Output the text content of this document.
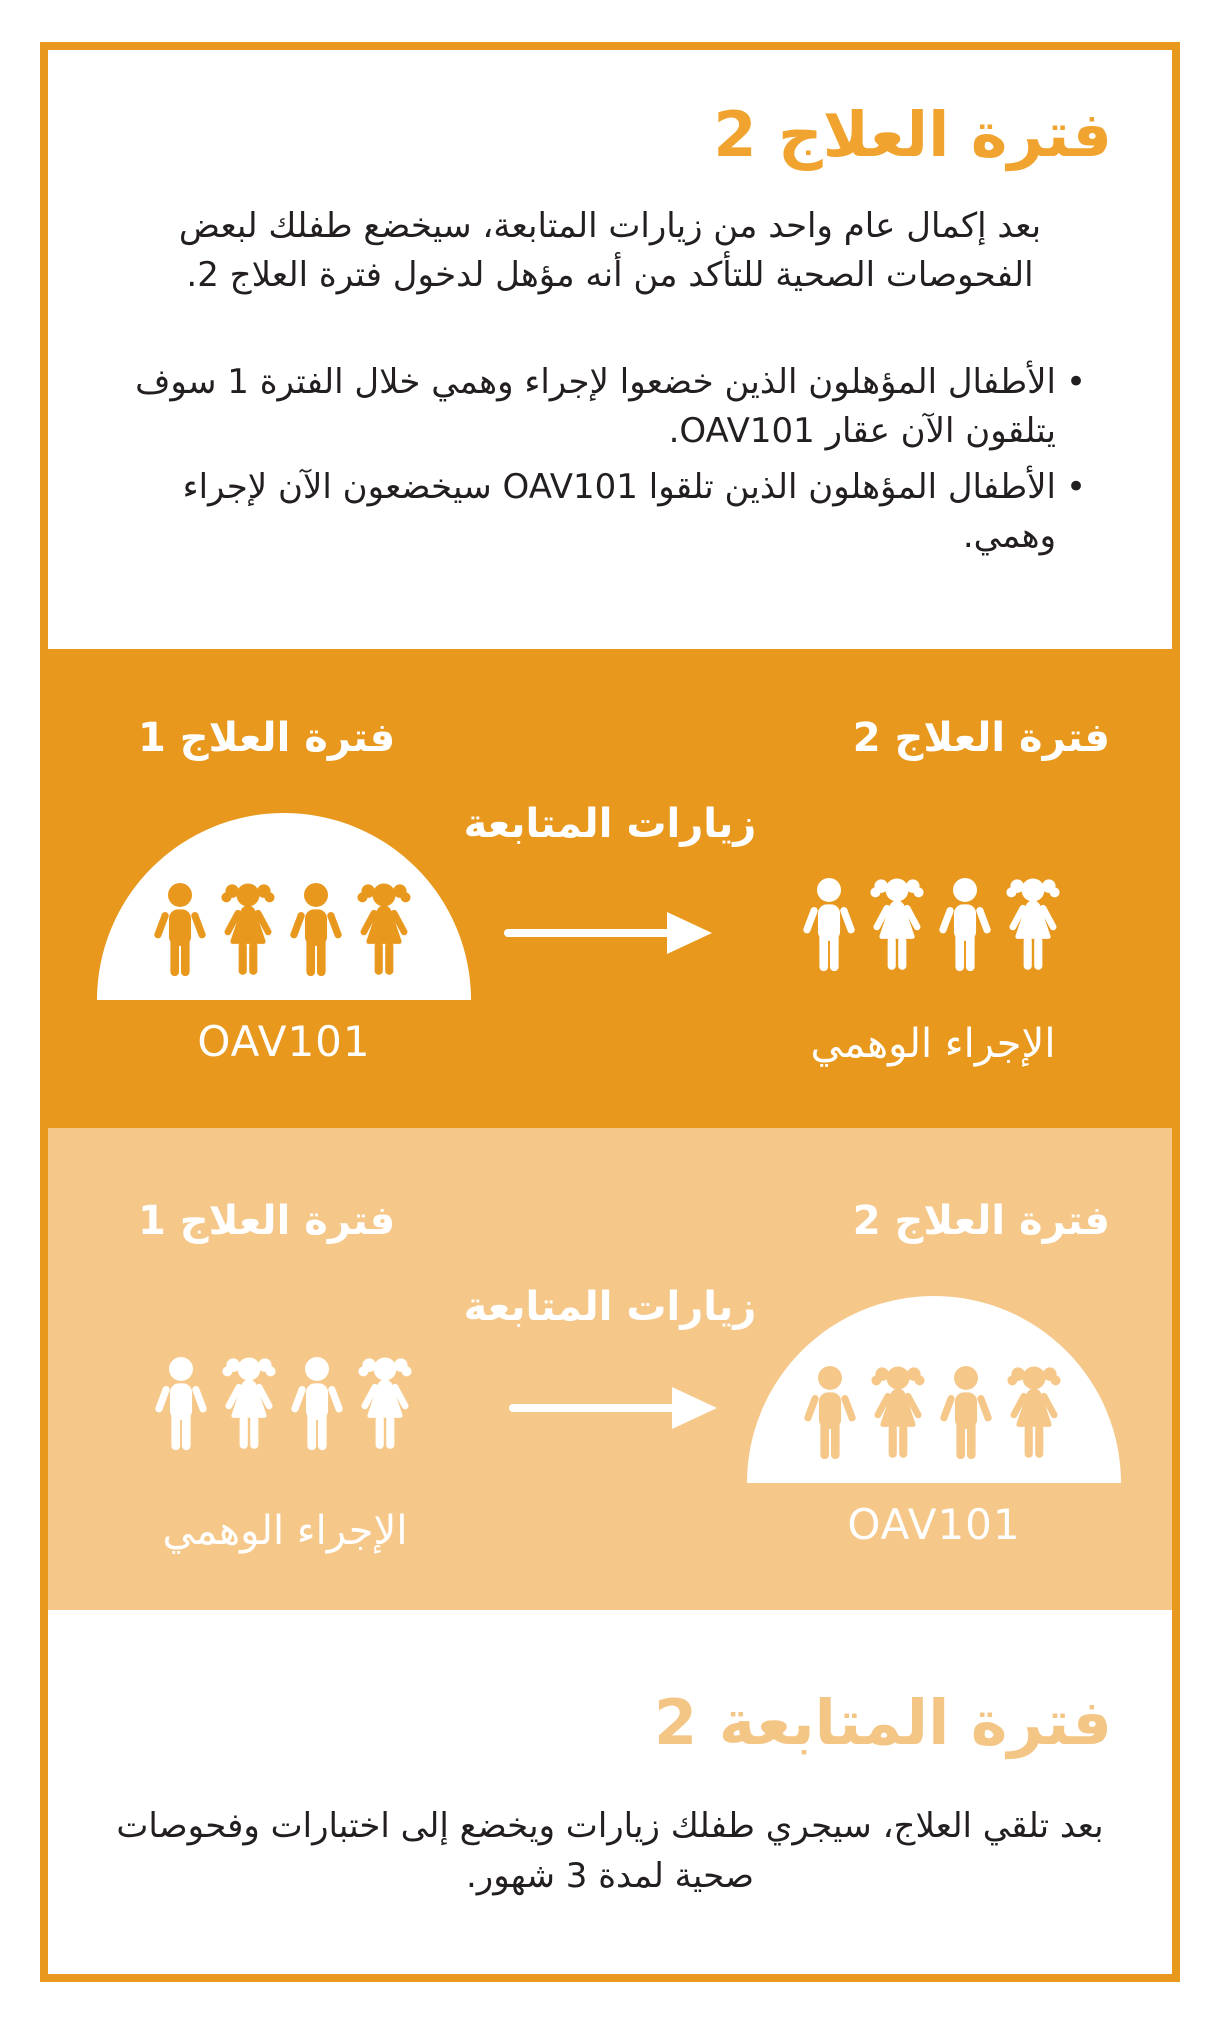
فترة العلاج 2

بعد إكمال عام واحد من زيارات المتابعة، سيخضع طفلك لبعض الفحوصات الصحية للتأكد من أنه مؤهل لدخول فترة العلاج 2.

• الأطفال المؤهلون الذين خضعوا لإجراء وهمي خلال الفترة 1 سوف يتلقون الآن عقار OAV101.
• الأطفال المؤهلون الذين تلقوا OAV101 سيخضعون الآن لإجراء وهمي.
فترة العلاج 1	فترة العلاج 2
زيارات المتابعة
OAV101	الإجراء الوهمي
فترة العلاج 1	فترة العلاج 2
زيارات المتابعة
الإجراء الوهمي	OAV101
فترة المتابعة 2

بعد تلقي العلاج، سيجري طفلك زيارات ويخضع إلى اختبارات وفحوصات صحية لمدة 3 شهور.
